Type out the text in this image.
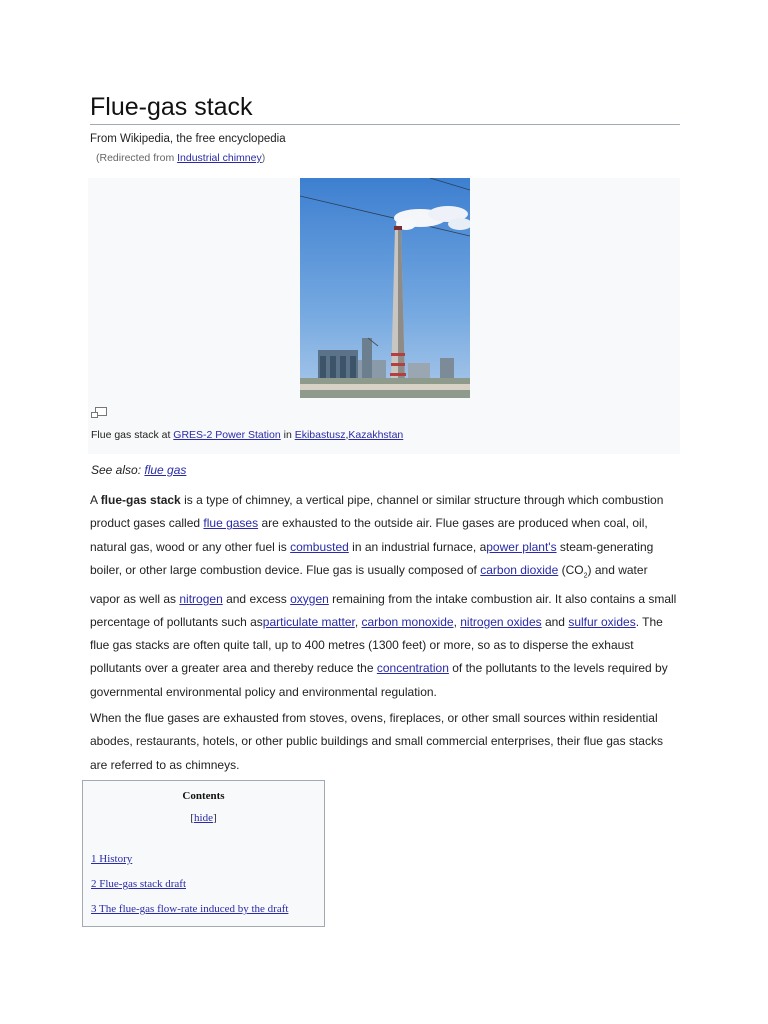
Flue-gas stack
From Wikipedia, the free encyclopedia
(Redirected from Industrial chimney)
Flue gas stack at GRES-2 Power Station in Ekibastusz,Kazakhstan
See also: flue gas

A flue-gas stack is a type of chimney, a vertical pipe, channel or similar structure through which combustion product gases called flue gases are exhausted to the outside air. Flue gases are produced when coal, oil, natural gas, wood or any other fuel is combusted in an industrial furnace, apower plant's steam-generating boiler, or other large combustion device. Flue gas is usually composed of carbon dioxide $(CO_2)$ and water vapor as well as nitrogen and excess oxygen remaining from the intake combustion air. It also contains a small percentage of pollutants such asparticulate matter, carbon monoxide, nitrogen oxides and sulfur oxides. The flue gas stacks are often quite tall, up to 400 metres (1300 feet) or more, so as to disperse the exhaust pollutants over a greater area and thereby reduce the concentration of the pollutants to the levels required by governmental environmental policy and environmental regulation.

When the flue gases are exhausted from stoves, ovens, fireplaces, or other small sources within residential abodes, restaurants, hotels, or other public buildings and small commercial enterprises, their flue gas stacks are referred to as chimneys.

Contents
[hide]
1 History
2 Flue-gas stack draft
3 The flue-gas flow-rate induced by the draft
